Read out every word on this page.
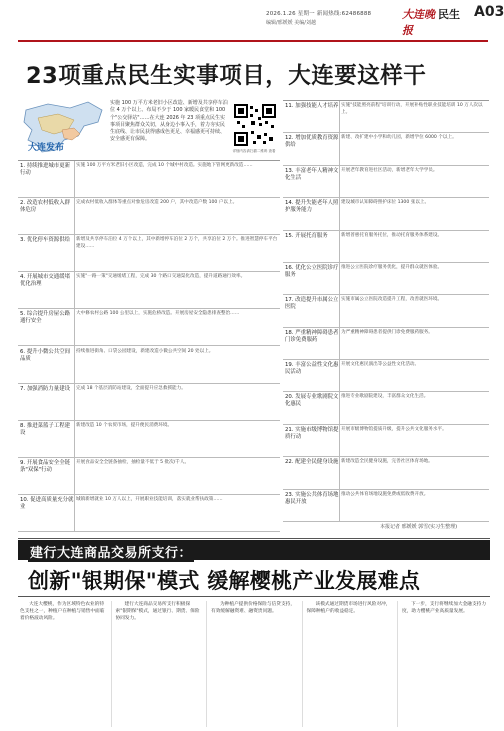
2026.1.26 星期一 新闻热线:62486888
编辑/邢媛媛 美编/刘越
大连晚报
民生 A03
23项重点民生实事项目，大连要这样干
大连发布
实施 100 万平方米老旧小区改造、新增及共享停车泊位 4 万个以上、布局不少于 100 家暖民食堂和 100 个"公交驿站"……在大连 2026 年 23 项重点民生实事项目聚焦群众关切，从身边小事入手，着力夯实民生底线、让市民获得感成色更足、幸福感更可持续、安全感更有保障。
详细内容请扫描二维码 查看
1. 持续推进城市更新行动
实施 100 万平方米老旧小区改造，完成 10 个城中村改造。实施地下管网更新改造……
2. 改造农村低收入群体危房
完成农村低收入群体等重点对象危房改造 200 户，其中改造户数 100 户以上。
3. 优化停车资源供给	新增及共享停车泊位 4 万个以上，其中新增停车泊位 2 万个，共享泊位 2 万个。推进智慧停车平台建设……
4. 开展城市交通缓堵优化治理
实施"一路一策"交通缓堵工程，完成 30 个路口交通渠化改造，提升道路通行效率。
5. 综合提升房屋公路通行安全
大中修农村公路 100 公里以上，实施危桥改造。开展房屋安全隐患排查整治……
6. 提升小微公共空间品质
持续推进街角、口袋公园建设，新建改造小微公共空间 20 处以上。
7. 加强消防力量建设	完成 18 个基层消防站建设，全面提升应急救援能力。
8. 推进菜篮子工程建设
新建改造 10 个农贸市场，提升便民消费环境。
9. 开展食品安全全链条"双保"行动
开展食品安全全链条抽检，抽检量不低于 5 批次/千人。
10. 促进高质量充分就业
城镇新增就业 10 万人以上，开展职业技能培训，落实就业帮扶政策……
11. 加强技能人才培养 实施"技能照亮前程"培训行动，开展补贴性职业技能培训 10 万人次以上。
12. 增加优质教育资源供给
新建、改扩建中小学和幼儿园，新增学位 6000 个以上。
13. 丰富老年人精神文化生活
开展老年教育进社区活动，新增老年大学学员。
14. 提升失能老年人照护服务能力
建设城市认知障碍照护床位 1300 张以上。
15. 开展托育服务	新增普惠托育服务托位，推动托育服务体系建设。
16. 优化公立医院诊疗服务
推进公立医院诊疗服务优化，提升群众就医体验。
17. 改造提升市属公立医院
实施市属公立医院改造提升工程，改善就医环境。
18. 严重精神障碍患者门诊免费服药
为严重精神障碍患者提供门诊免费服药服务。
19. 丰富公益性文化惠民活动
开展文化惠民演出等公益性文化活动。
20. 发展专业歌剧院文化惠民
推进专业歌剧院建设，丰富群众文化生活。
21. 实施市级博物馆提质行动
开展市级博物馆提质升级，提升公共文化服务水平。
22. 配建全民健身设施 新建改造全民健身设施，完善社区体育场地。
23. 实施公共体育场地惠民开放
推动公共体育场地设施免费或低收费开放。
本报记者 邢媛媛 郭雪(实习生整理)
建行大连商品交易所支行：
创新"银期保"模式 缓解樱桃产业发展难点
大连大樱桃，作为区域特色农业的特色支柱之一，种植户在种植与销售中面临着价格波动风险。
建行大连商品交易所支行积极探索"银期保"模式，通过银行、期货、保险协同发力。
为种植户提供价格保险与信贷支持，有效缓解融资难、融资贵问题。
该模式通过期货市场进行风险对冲，保障种植户的收益稳定。
下一步，支行将继续加大金融支持力度，助力樱桃产业高质量发展。
